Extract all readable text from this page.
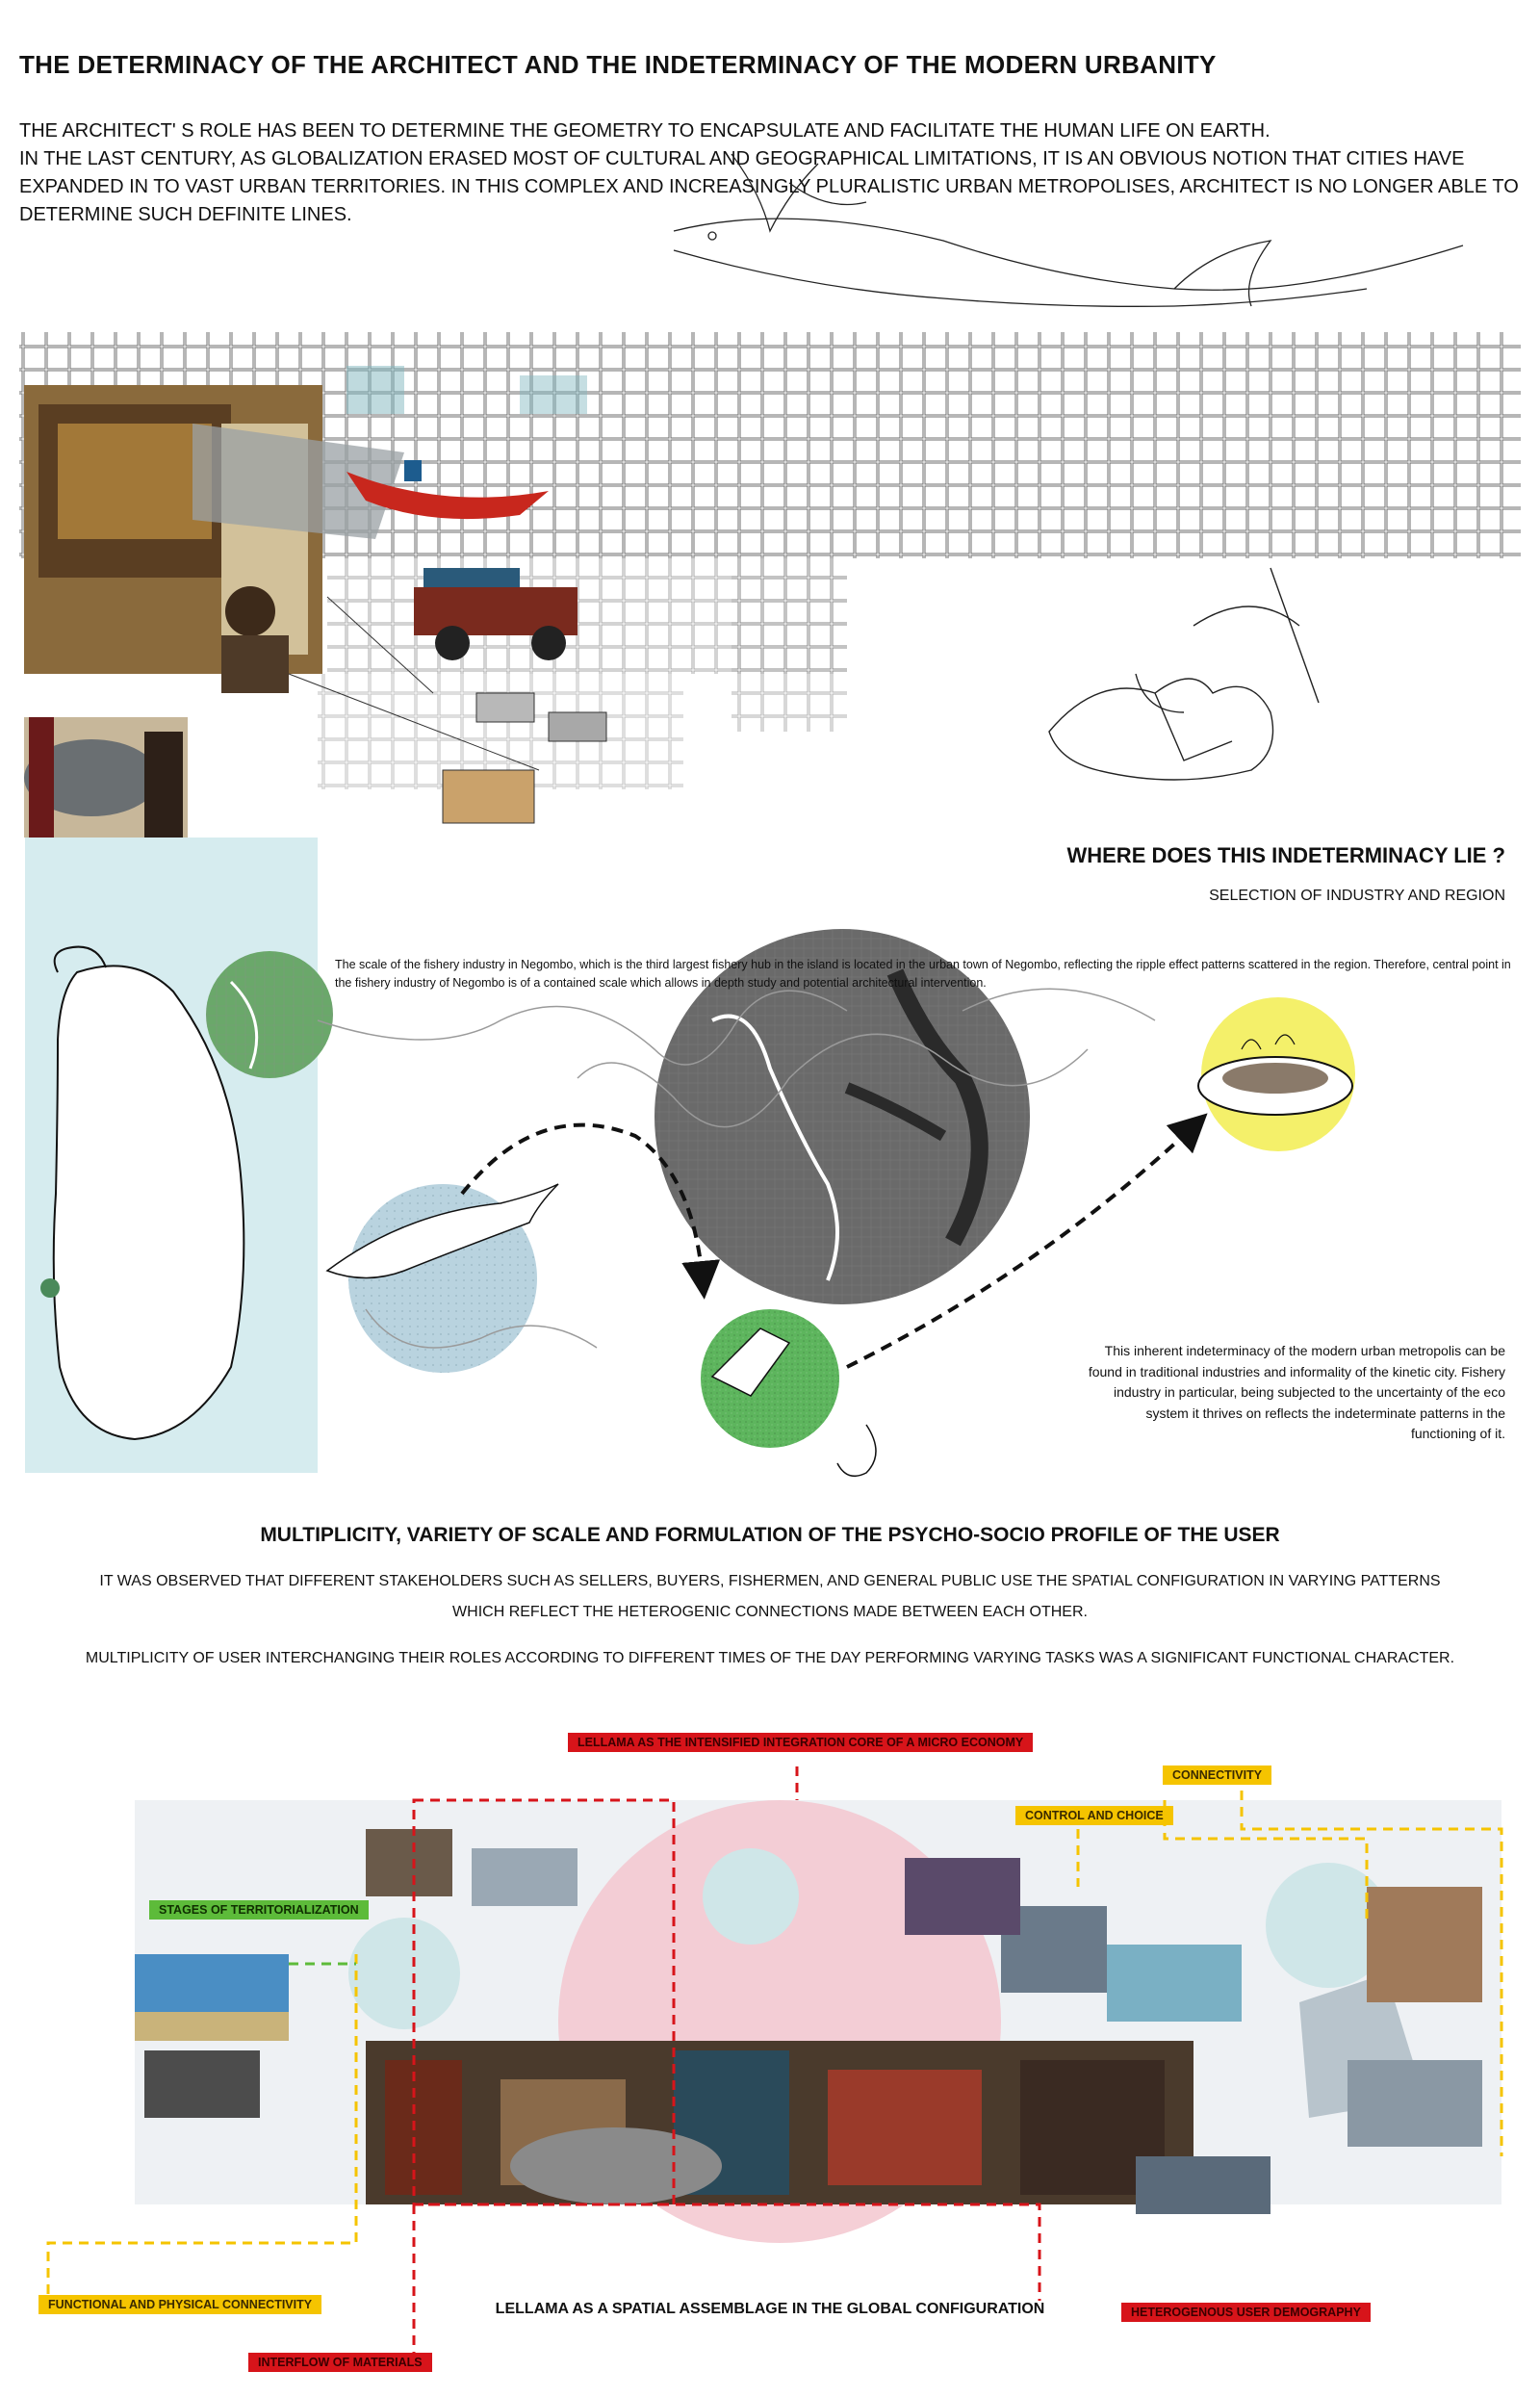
THE DETERMINACY OF THE ARCHITECT AND THE INDETERMINACY OF THE MODERN URBANITY

THE ARCHITECT' S ROLE HAS BEEN TO DETERMINE THE GEOMETRY TO ENCAPSULATE AND FACILITATE THE HUMAN LIFE ON EARTH.

IN THE LAST CENTURY, AS GLOBALIZATION ERASED MOST OF CULTURAL AND GEOGRAPHICAL LIMITATIONS, IT IS AN OBVIOUS NOTION THAT CITIES HAVE EXPANDED IN TO VAST URBAN TERRITORIES. IN THIS COMPLEX AND INCREASINGLY PLURALISTIC URBAN METROPOLISES, ARCHITECT IS NO LONGER ABLE TO DETERMINE SUCH DEFINITE LINES.

WHERE DOES THIS INDETERMINACY LIE ?
SELECTION OF INDUSTRY AND REGION
The scale of the fishery industry in Negombo, which is the third largest fishery hub in the island is located in the urban town of Negombo, reflecting the ripple effect patterns scattered in the region. Therefore, central point in the fishery industry of Negombo is of a contained scale which allows in depth study and potential architectural intervention.
This inherent indeterminacy of the modern urban metropolis can be found in traditional industries and informality of the kinetic city. Fishery industry in particular, being subjected to the uncertainty of the eco system it thrives on reflects the indeterminate patterns in the functioning of it.
MULTIPLICITY, VARIETY OF SCALE AND FORMULATION OF THE PSYCHO-SOCIO PROFILE OF THE USER
IT WAS OBSERVED THAT DIFFERENT STAKEHOLDERS SUCH AS SELLERS, BUYERS, FISHERMEN, AND GENERAL PUBLIC USE THE SPATIAL CONFIGURATION IN VARYING PATTERNS WHICH REFLECT THE HETEROGENIC CONNECTIONS MADE BETWEEN EACH OTHER.
MULTIPLICITY OF USER INTERCHANGING THEIR ROLES ACCORDING TO DIFFERENT TIMES OF THE DAY PERFORMING VARYING TASKS WAS A SIGNIFICANT FUNCTIONAL CHARACTER.
LELLAMA AS THE INTENSIFIED INTEGRATION CORE OF A MICRO ECONOMY
CONNECTIVITY
CONTROL AND CHOICE
STAGES OF TERRITORIALIZATION
FUNCTIONAL AND PHYSICAL CONNECTIVITY
INTERFLOW OF MATERIALS
HETEROGENOUS USER DEMOGRAPHY
LELLAMA AS A SPATIAL ASSEMBLAGE IN THE GLOBAL CONFIGURATION
